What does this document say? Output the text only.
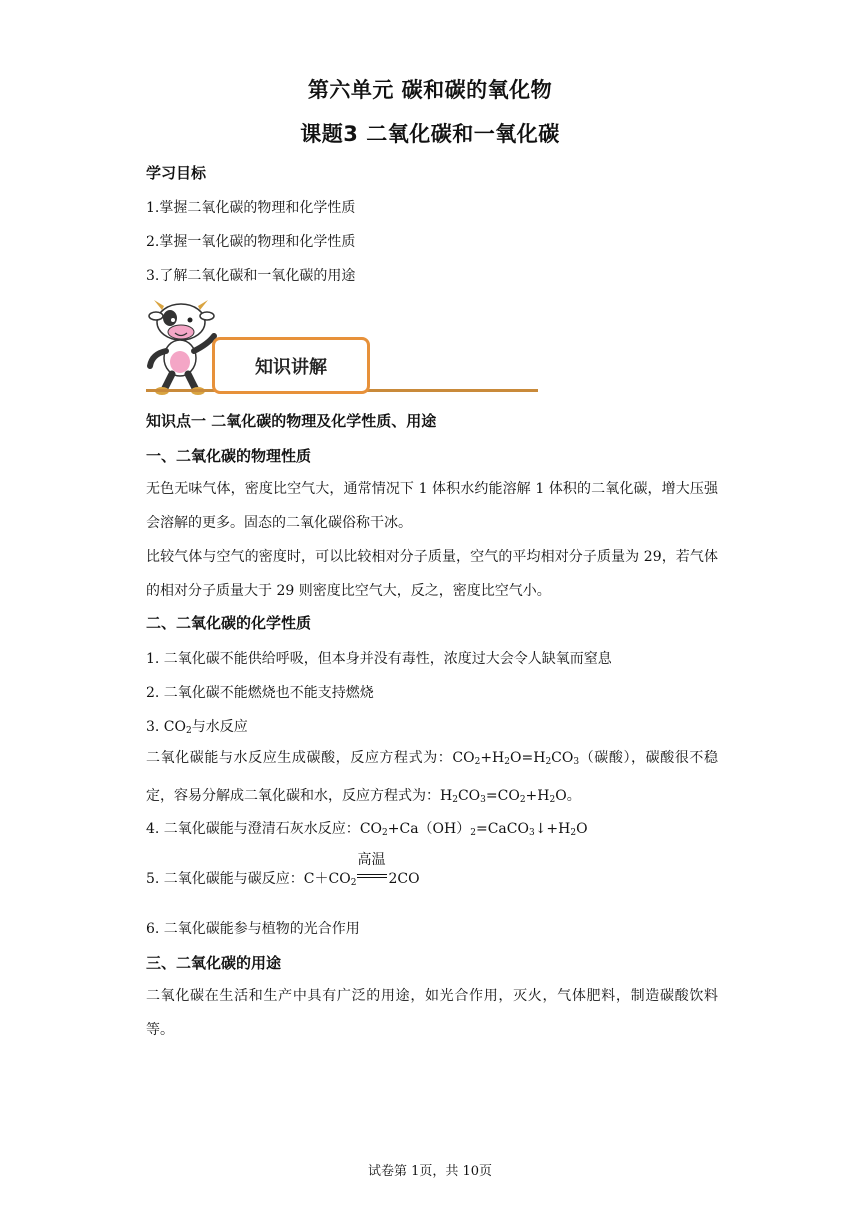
第六单元 碳和碳的氧化物
课题3 二氧化碳和一氧化碳
学习目标
1.掌握二氧化碳的物理和化学性质
2.掌握一氧化碳的物理和化学性质
3.了解二氧化碳和一氧化碳的用途
知识讲解
知识点一 二氧化碳的物理及化学性质、用途
一、二氧化碳的物理性质
无色无味气体，密度比空气大，通常情况下 1 体积水约能溶解 1 体积的二氧化碳，增大压强会溶解的更多。固态的二氧化碳俗称干冰。
比较气体与空气的密度时，可以比较相对分子质量，空气的平均相对分子质量为 29，若气体的相对分子质量大于 29 则密度比空气大，反之，密度比空气小。
二、二氧化碳的化学性质
1. 二氧化碳不能供给呼吸，但本身并没有毒性，浓度过大会令人缺氧而窒息
2. 二氧化碳不能燃烧也不能支持燃烧
3. $CO_2$与水反应
二氧化碳能与水反应生成碳酸，反应方程式为：$CO_2+H_2O=H_2CO_3$（碳酸），碳酸很不稳定，容易分解成二氧化碳和水，反应方程式为：$H_2CO_3=CO_2+H_2O$。
4. 二氧化碳能与澄清石灰水反应：$CO_2+Ca(OH)_2=CaCO_3↓+H_2O$
5. 二氧化碳能与碳反应：$C+CO_2$
高温
2CO
6. 二氧化碳能参与植物的光合作用
三、二氧化碳的用途
二氧化碳在生活和生产中具有广泛的用途，如光合作用，灭火，气体肥料，制造碳酸饮料等。
试卷第 1页，共 10页
